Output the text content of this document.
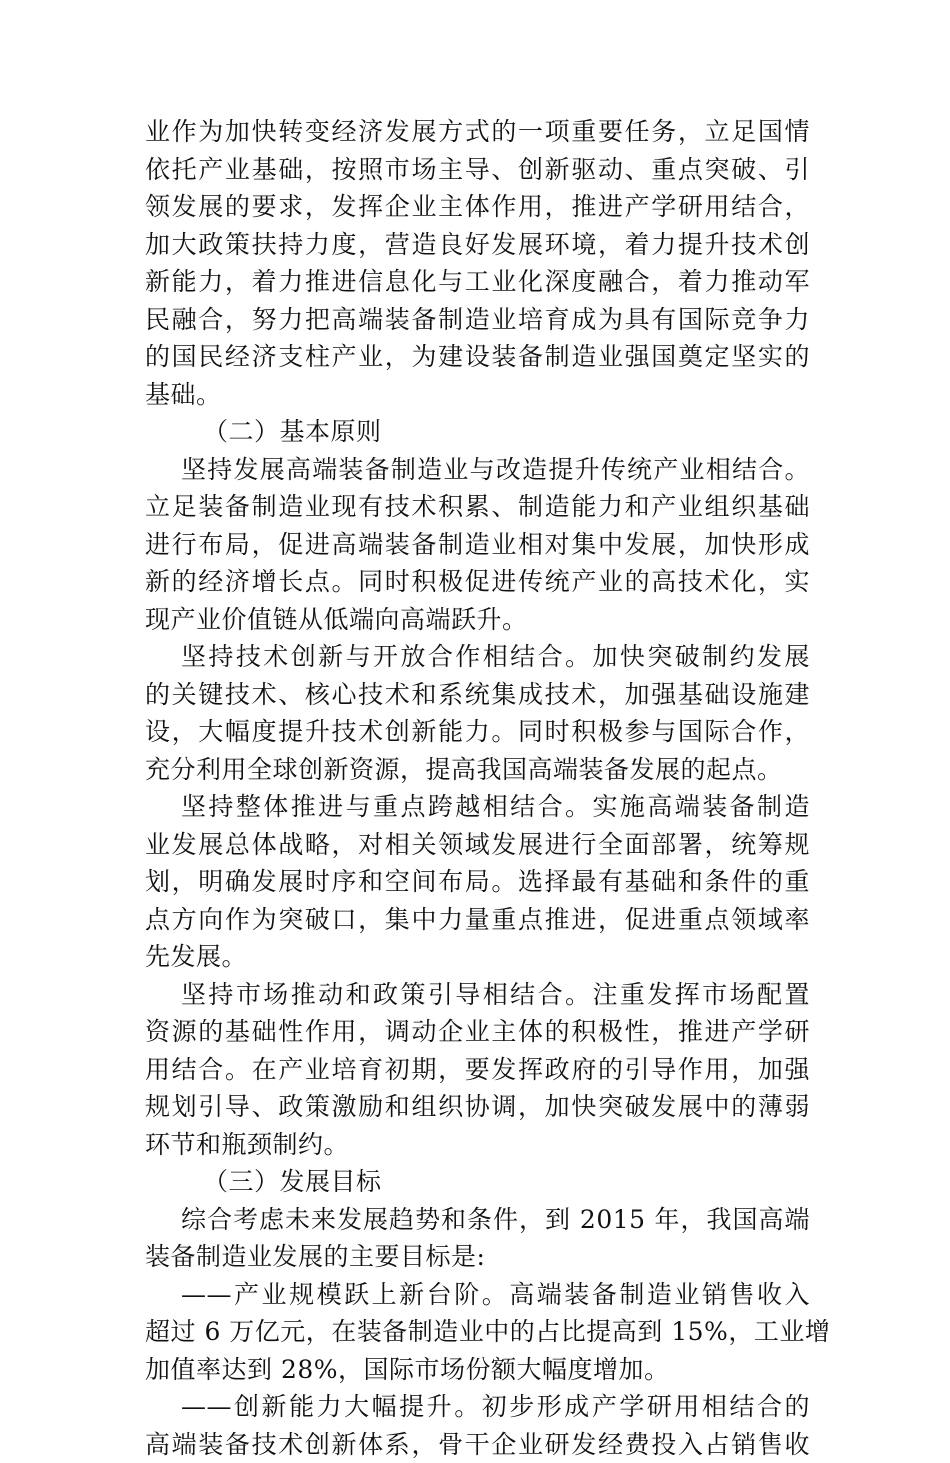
业作为加快转变经济发展方式的一项重要任务，立足国情
依托产业基础，按照市场主导、创新驱动、重点突破、引
领发展的要求，发挥企业主体作用，推进产学研用结合，
加大政策扶持力度，营造良好发展环境，着力提升技术创
新能力，着力推进信息化与工业化深度融合，着力推动军
民融合，努力把高端装备制造业培育成为具有国际竞争力
的国民经济支柱产业，为建设装备制造业强国奠定坚实的
基础。
（二）基本原则
坚持发展高端装备制造业与改造提升传统产业相结合。
立足装备制造业现有技术积累、制造能力和产业组织基础
进行布局，促进高端装备制造业相对集中发展，加快形成
新的经济增长点。同时积极促进传统产业的高技术化，实
现产业价值链从低端向高端跃升。
坚持技术创新与开放合作相结合。加快突破制约发展
的关键技术、核心技术和系统集成技术，加强基础设施建
设，大幅度提升技术创新能力。同时积极参与国际合作，
充分利用全球创新资源，提高我国高端装备发展的起点。
坚持整体推进与重点跨越相结合。实施高端装备制造
业发展总体战略，对相关领域发展进行全面部署，统筹规
划，明确发展时序和空间布局。选择最有基础和条件的重
点方向作为突破口，集中力量重点推进，促进重点领域率
先发展。
坚持市场推动和政策引导相结合。注重发挥市场配置
资源的基础性作用，调动企业主体的积极性，推进产学研
用结合。在产业培育初期，要发挥政府的引导作用，加强
规划引导、政策激励和组织协调，加快突破发展中的薄弱
环节和瓶颈制约。
（三）发展目标
综合考虑未来发展趋势和条件，到 2015 年，我国高端
装备制造业发展的主要目标是:
——产业规模跃上新台阶。高端装备制造业销售收入
超过 6 万亿元，在装备制造业中的占比提高到 15%，工业增
加值率达到 28%，国际市场份额大幅度增加。
——创新能力大幅提升。初步形成产学研用相结合的
高端装备技术创新体系，骨干企业研发经费投入占销售收
